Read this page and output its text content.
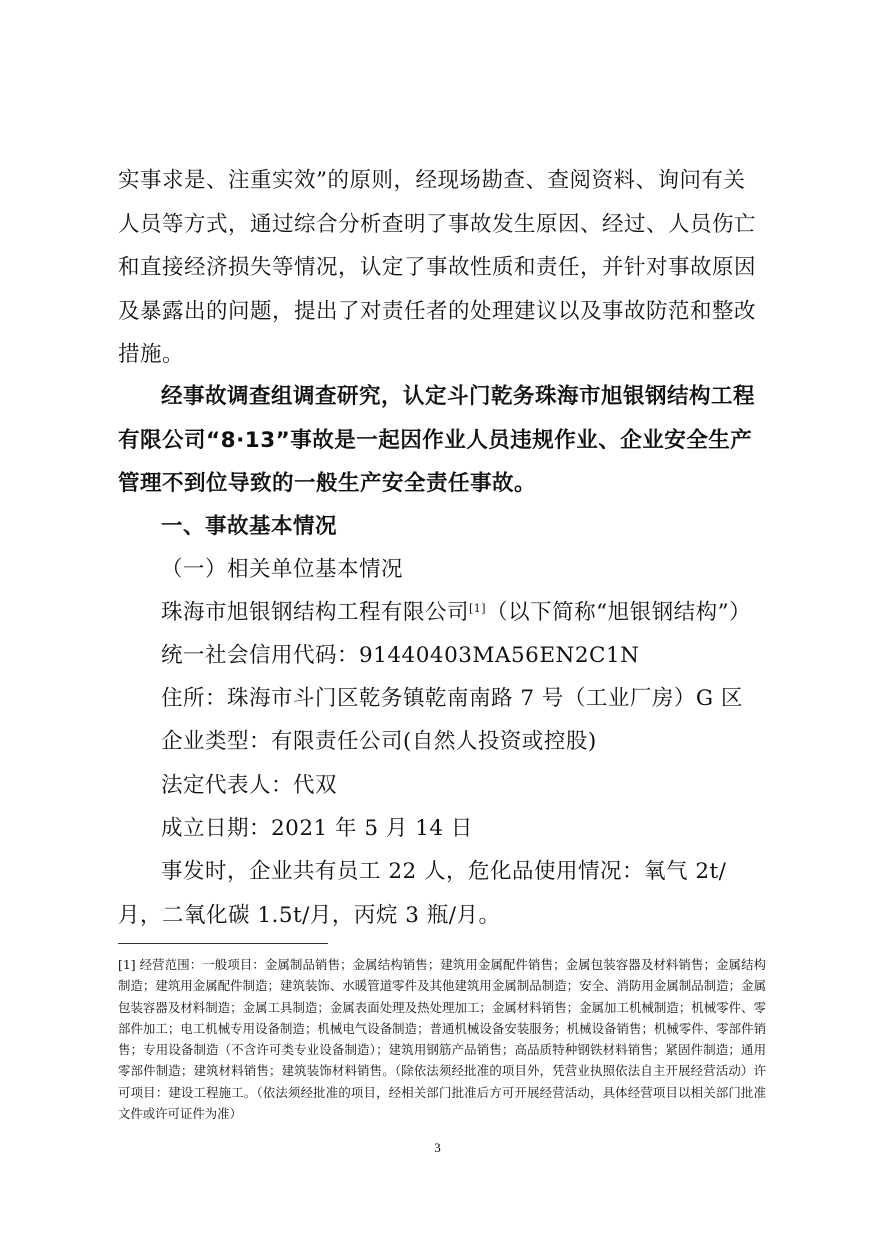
实事求是、注重实效”的原则，经现场勘查、查阅资料、询问有关人员等方式，通过综合分析查明了事故发生原因、经过、人员伤亡和直接经济损失等情况，认定了事故性质和责任，并针对事故原因及暴露出的问题，提出了对责任者的处理建议以及事故防范和整改措施。

经事故调查组调查研究，认定斗门乾务珠海市旭银钢结构工程有限公司“8·13”事故是一起因作业人员违规作业、企业安全生产管理不到位导致的一般生产安全责任事故。

一、事故基本情况
（一）相关单位基本情况
珠海市旭银钢结构工程有限公司[1]（以下简称“旭银钢结构”）
统一社会信用代码：91440403MA56EN2C1N
住所：珠海市斗门区乾务镇乾南南路 7 号（工业厂房）G 区
企业类型：有限责任公司(自然人投资或控股)
法定代表人：代双
成立日期：2021 年 5 月 14 日

事发时，企业共有员工 22 人，危化品使用情况：氧气 2t/月，二氧化碳 1.5t/月，丙烷 3 瓶/月。

[1] 经营范围：一般项目：金属制品销售；金属结构销售；建筑用金属配件销售；金属包装容器及材料销售；金属结构制造；建筑用金属配件制造；建筑装饰、水暖管道零件及其他建筑用金属制品制造；安全、消防用金属制品制造；金属包装容器及材料制造；金属工具制造；金属表面处理及热处理加工；金属材料销售；金属加工机械制造；机械零件、零部件加工；电工机械专用设备制造；机械电气设备制造；普通机械设备安装服务；机械设备销售；机械零件、零部件销售；专用设备制造（不含许可类专业设备制造）；建筑用钢筋产品销售；高品质特种钢铁材料销售；紧固件制造；通用零部件制造；建筑材料销售；建筑装饰材料销售。（除依法须经批准的项目外，凭营业执照依法自主开展经营活动）许可项目：建设工程施工。（依法须经批准的项目，经相关部门批准后方可开展经营活动，具体经营项目以相关部门批准文件或许可证件为准）

3
